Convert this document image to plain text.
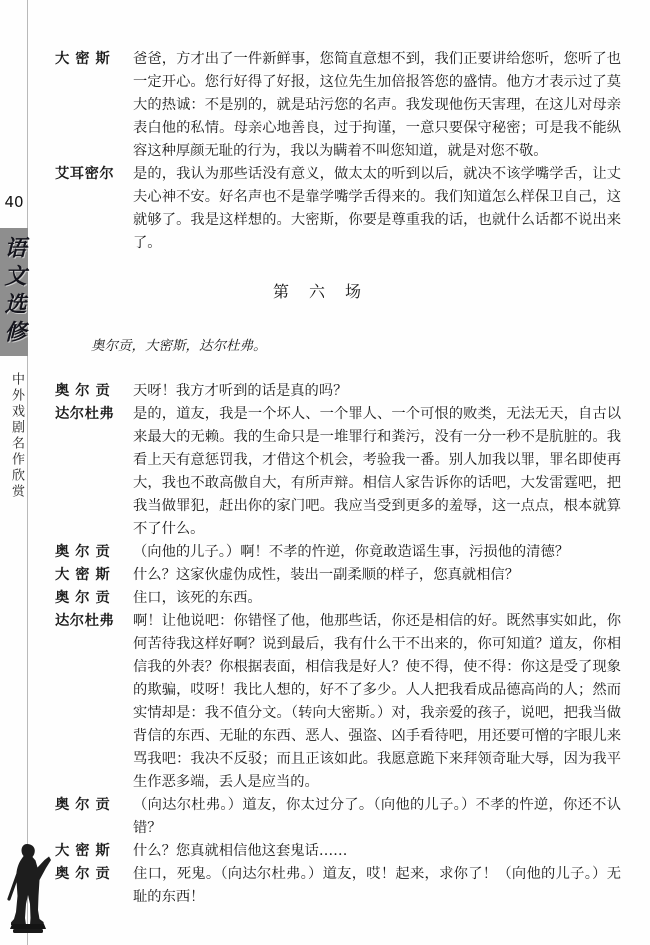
40
语文选修
中外戏剧名作欣赏
大 密 斯	爸爸，方才出了一件新鲜事，您简直意想不到，我们正要讲给您听，您听了也一定开心。您行好得了好报，这位先生加倍报答您的盛情。他方才表示过了莫大的热诚：不是别的，就是玷污您的名声。我发现他伤天害理，在这儿对母亲表白他的私情。母亲心地善良，过于拘谨，一意只要保守秘密；可是我不能纵容这种厚颜无耻的行为，我以为瞒着不叫您知道，就是对您不敬。
艾耳密尔	是的，我认为那些话没有意义，做太太的听到以后，就决不该学嘴学舌，让丈夫心神不安。好名声也不是靠学嘴学舌得来的。我们知道怎么样保卫自己，这就够了。我是这样想的。大密斯，你要是尊重我的话，也就什么话都不说出来了。
第　六　场
奥尔贡，大密斯，达尔杜弗。
奥 尔 贡	天呀！我方才听到的话是真的吗？
达尔杜弗	是的，道友，我是一个坏人、一个罪人、一个可恨的败类，无法无天，自古以来最大的无赖。我的生命只是一堆罪行和粪污，没有一分一秒不是肮脏的。我看上天有意惩罚我，才借这个机会，考验我一番。别人加我以罪，罪名即使再大，我也不敢高傲自大，有所声辩。相信人家告诉你的话吧，大发雷霆吧，把我当做罪犯，赶出你的家门吧。我应当受到更多的羞辱，这一点点，根本就算不了什么。
奥 尔 贡	（向他的儿子。）啊！不孝的忤逆，你竟敢造谣生事，污损他的清德？
大 密 斯	什么？这家伙虚伪成性，装出一副柔顺的样子，您真就相信？
奥 尔 贡	住口，该死的东西。
达尔杜弗	啊！让他说吧：你错怪了他，他那些话，你还是相信的好。既然事实如此，你何苦待我这样好啊？说到最后，我有什么干不出来的，你可知道？道友，你相信我的外表？你根据表面，相信我是好人？使不得，使不得：你这是受了现象的欺骗，哎呀！我比人想的，好不了多少。人人把我看成品德高尚的人；然而实情却是：我不值分文。（转向大密斯。）对，我亲爱的孩子，说吧，把我当做背信的东西、无耻的东西、恶人、强盗、凶手看待吧，用还要可憎的字眼儿来骂我吧：我决不反驳；而且正该如此。我愿意跪下来拜领奇耻大辱，因为我平生作恶多端，丢人是应当的。
奥 尔 贡	（向达尔杜弗。）道友，你太过分了。（向他的儿子。）不孝的忤逆，你还不认错？
大 密 斯	什么？您真就相信他这套鬼话……
奥 尔 贡	住口，死鬼。（向达尔杜弗。）道友，哎！起来，求你了！（向他的儿子。）无耻的东西！
